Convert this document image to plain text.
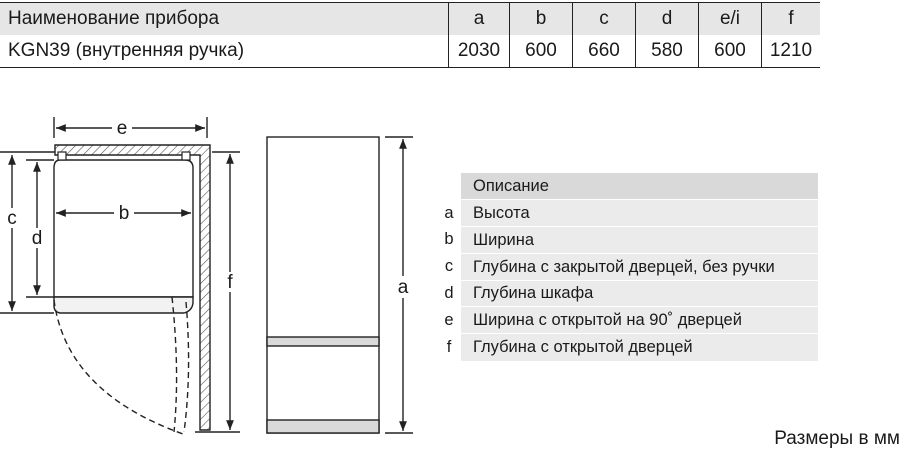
Наименование прибора	a	b	c	d	e/i	f
KGN39 (внутренняя ручка)	2030	600	660	580	600	1210
e
b
c
d
f	a
Описание
a	Высота
b	Ширина
c	Глубина с закрытой дверцей, без ручки
d	Глубина шкафа
e	Ширина с открытой на 90˚ дверцей
f	Глубина с открытой дверцей
Размеры в мм
